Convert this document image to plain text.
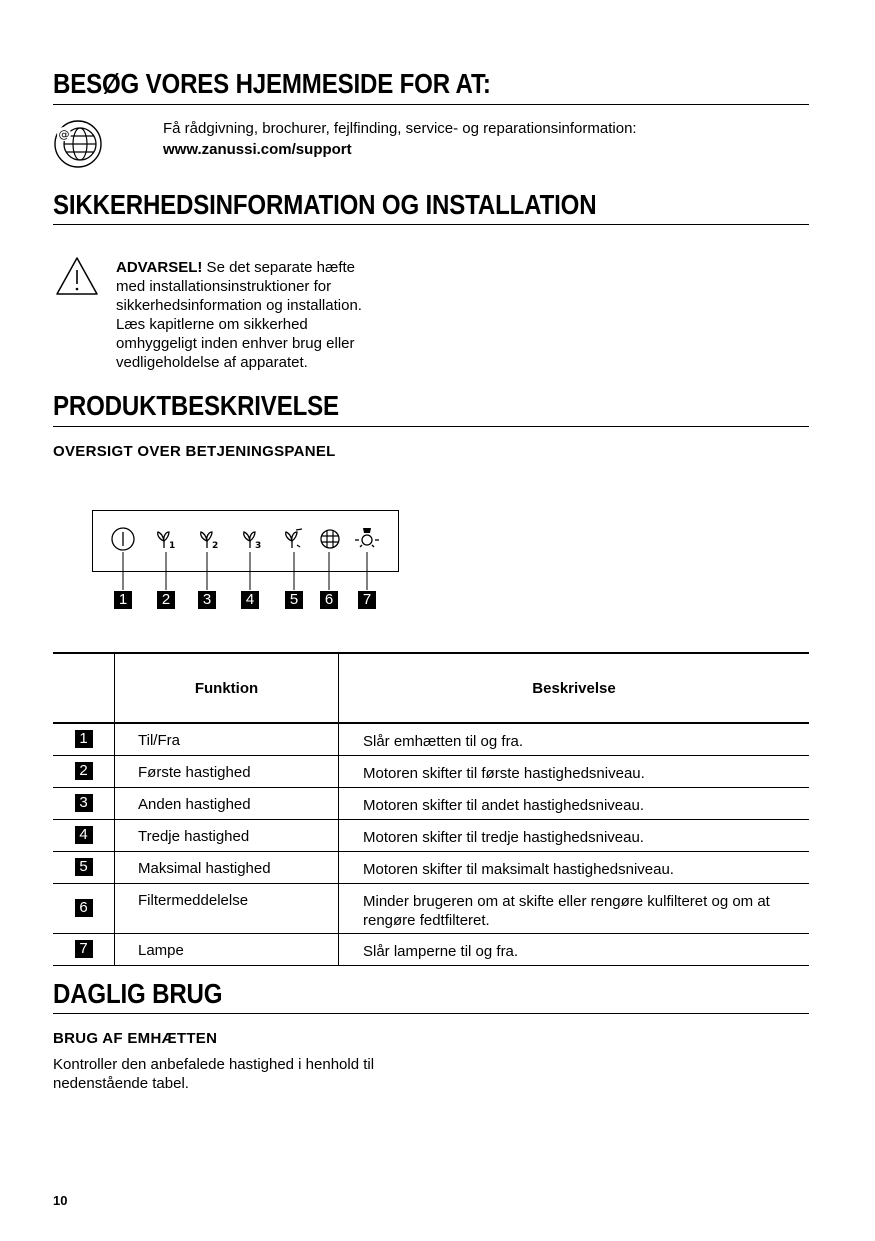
BESØG VORES HJEMMESIDE FOR AT:
@	Få rådgivning, brochurer, fejlfinding, service- og reparationsinformation:
www.zanussi.com/support
SIKKERHEDSINFORMATION OG INSTALLATION
ADVARSEL! Se det separate hæfte
med installationsinstruktioner for
sikkerhedsinformation og installation.
Læs kapitlerne om sikkerhed
omhyggeligt inden enhver brug eller
vedligeholdelse af apparatet.
PRODUKTBESKRIVELSE
OVERSIGT OVER BETJENINGSPANEL
1	2	3
1	2	3	4	5	6	7
	Funktion	Beskrivelse
1	Til/Fra	Slår emhætten til og fra.
2	Første hastighed	Motoren skifter til første hastighedsniveau.
3	Anden hastighed	Motoren skifter til andet hastighedsniveau.
4	Tredje hastighed	Motoren skifter til tredje hastighedsniveau.
5	Maksimal hastighed	Motoren skifter til maksimalt hastighedsniveau.
6	Filtermeddelelse	Minder brugeren om at skifte eller rengøre kulfilteret og om at rengøre fedtfilteret.
7	Lampe	Slår lamperne til og fra.
DAGLIG BRUG
BRUG AF EMHÆTTEN
Kontroller den anbefalede hastighed i henhold til
nedenstående tabel.
10
